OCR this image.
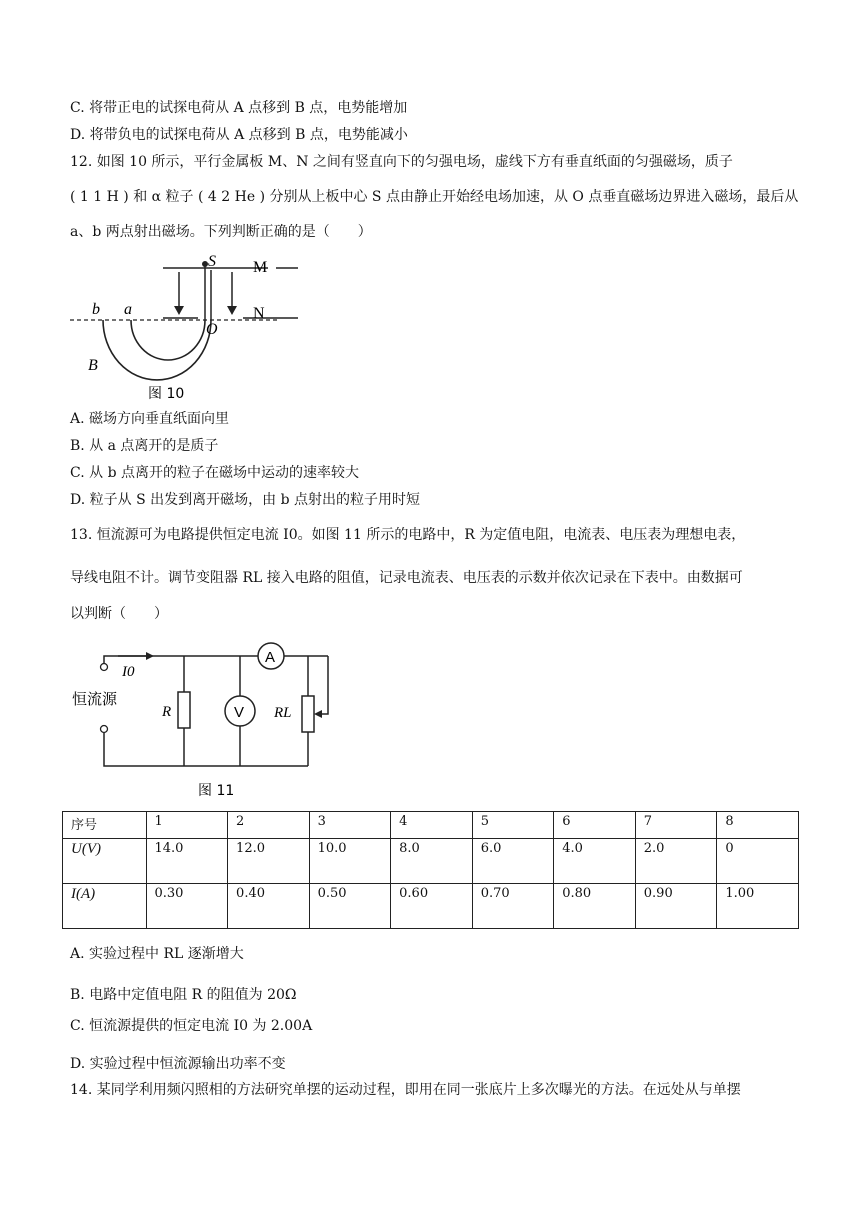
C. 将带正电的试探电荷从 A 点移到 B 点，电势能增加
D. 将带负电的试探电荷从 A 点移到 B 点，电势能减小
12. 如图 10 所示，平行金属板 M、N 之间有竖直向下的匀强电场，虚线下方有垂直纸面的匀强磁场，质子
( 1 1 H ) 和 α 粒子 ( 4 2 He ) 分别从上板中心 S 点由静止开始经电场加速，从 O 点垂直磁场边界进入磁场，最后从
a、b 两点射出磁场。下列判断正确的是（　　）
S M
N
O
a
b
B
图 10
A. 磁场方向垂直纸面向里
B. 从 a 点离开的是质子
C. 从 b 点离开的粒子在磁场中运动的速率较大
D. 粒子从 S 出发到离开磁场，由 b 点射出的粒子用时短
13. 恒流源可为电路提供恒定电流 I0。如图 11 所示的电路中，R 为定值电阻，电流表、电压表为理想电表，
导线电阻不计。调节变阻器 RL 接入电路的阻值，记录电流表、电压表的示数并依次记录在下表中。由数据可
以判断（　　）
I0
恒流源
R	V
A
RL
图 11
序号	1	2	3	4	5	6	7	8
U(V)	14.0	12.0	10.0	8.0	6.0	4.0	2.0	0
I(A)	0.30	0.40	0.50	0.60	0.70	0.80	0.90	1.00
A. 实验过程中 RL 逐渐增大
B. 电路中定值电阻 R 的阻值为 20Ω
C. 恒流源提供的恒定电流 I0 为 2.00A
D. 实验过程中恒流源输出功率不变
14. 某同学利用频闪照相的方法研究单摆的运动过程，即用在同一张底片上多次曝光的方法。在远处从与单摆
